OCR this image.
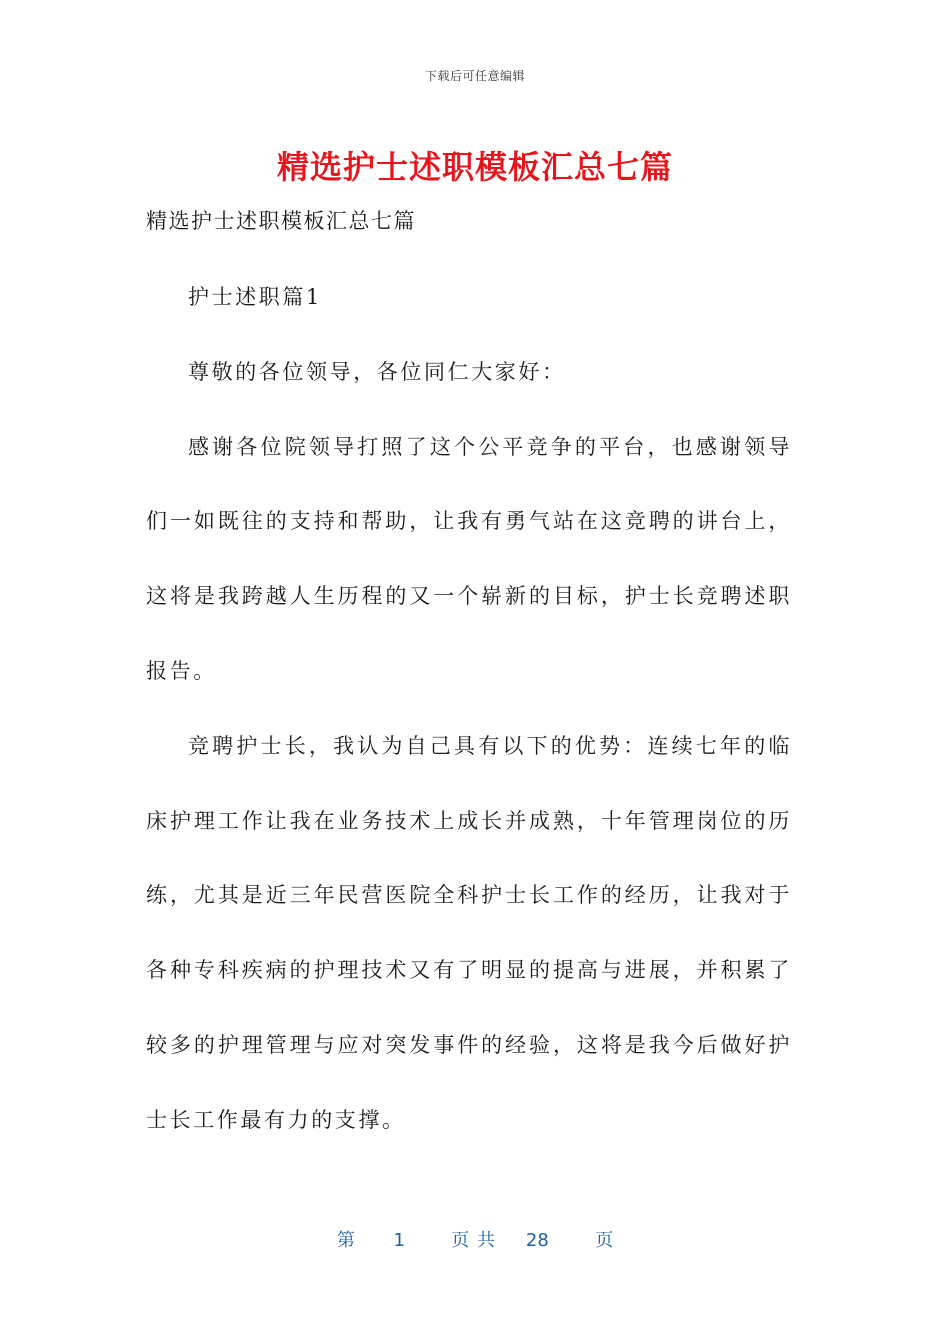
下载后可任意编辑
精选护士述职模板汇总七篇
精选护士述职模板汇总七篇

护士述职篇1

尊敬的各位领导，各位同仁大家好：

感谢各位院领导打照了这个公平竞争的平台，也感谢领导们一如既往的支持和帮助，让我有勇气站在这竞聘的讲台上，这将是我跨越人生历程的又一个崭新的目标，护士长竞聘述职报告。

竞聘护士长，我认为自己具有以下的优势：连续七年的临床护理工作让我在业务技术上成长并成熟，十年管理岗位的历练，尤其是近三年民营医院全科护士长工作的经历，让我对于各种专科疾病的护理技术又有了明显的提高与进展，并积累了较多的护理管理与应对突发事件的经验，这将是我今后做好护士长工作最有力的支撑。

第 1	页 共 28	页
